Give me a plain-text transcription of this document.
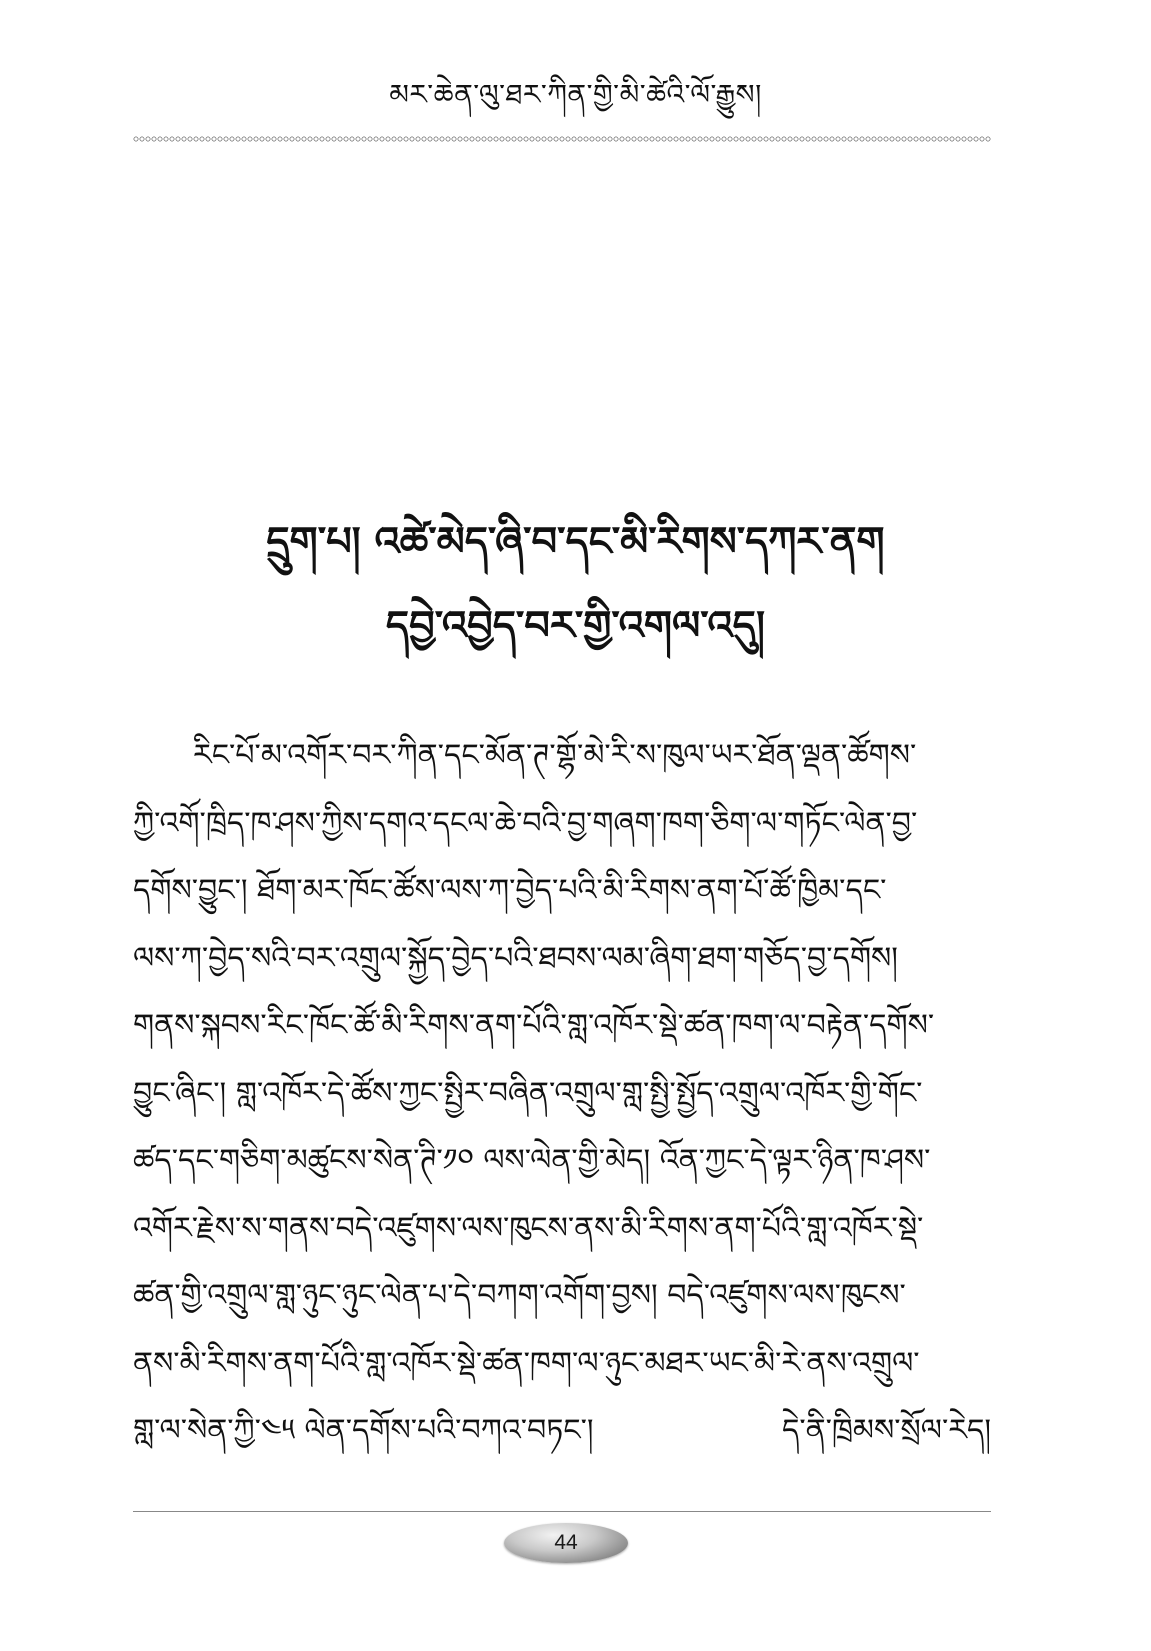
མར་ཆེན་ལུ་ཐར་ཀིན་གྱི་མི་ཚེའི་ལོ་རྒྱུས།
དྲུག་པ། འཚེ་མེད་ཞི་བ་དང་མི་རིགས་དཀར་ནག
དབྱེ་འབྱེད་བར་གྱི་འགལ་འདུ།
རིང་པོ་མ་འགོར་བར་ཀིན་དང་མོན་ཊ་གྷོ་མེ་རི་ས་ཁུལ་ཡར་ཐོན་ལྡན་ཚོགས་
ཀྱི་འགོ་ཁྲིད་ཁ་ཤས་ཀྱིས་དགའ་དངལ་ཆེ་བའི་བྱ་གཞག་ཁག་ཅིག་ལ་གཏོང་ལེན་བྱ་
དགོས་བྱུང་། ཐོག་མར་ཁོང་ཚོས་ལས་ཀ་བྱེད་པའི་མི་རིགས་ནག་པོ་ཚོ་ཁྱིམ་དང་
ལས་ཀ་བྱེད་སའི་བར་འགྲུལ་སྐྱོད་བྱེད་པའི་ཐབས་ལམ་ཞིག་ཐག་གཅོད་བྱ་དགོས།
གནས་སྐབས་རིང་ཁོང་ཚོ་མི་རིགས་ནག་པོའི་གླ་འཁོར་སྡེ་ཚན་ཁག་ལ་བརྟེན་དགོས་
བྱུང་ཞིང་། གླ་འཁོར་དེ་ཚོས་ཀྱང་སྤྱིར་བཞིན་འགྲུལ་གླ་སྤྱི་སྤྱོད་འགྲུལ་འཁོར་གྱི་གོང་
ཚད་དང་གཅིག་མཚུངས་སེན་ཊི་༡༠ ལས་ལེན་གྱི་མེད། འོན་ཀྱང་དེ་ལྟར་ཉིན་ཁ་ཤས་
འགོར་རྗེས་ས་གནས་བདེ་འཛུགས་ལས་ཁུངས་ནས་མི་རིགས་ནག་པོའི་གླ་འཁོར་སྡེ་
ཚན་གྱི་འགྲུལ་གླ་ཉུང་ཉུང་ལེན་པ་དེ་བཀག་འགོག་བྱས། བདེ་འཛུགས་ལས་ཁུངས་
ནས་མི་རིགས་ནག་པོའི་གླ་འཁོར་སྡེ་ཚན་ཁག་ལ་ཉུང་མཐར་ཡང་མི་རེ་ནས་འགྲུལ་
གླ་ལ་སེན་ཀྱི་༤༥ ལེན་དགོས་པའི་བཀའ་བཏང་།	དེ་ནི་ཁྲིམས་སྲོལ་རེད།
44
